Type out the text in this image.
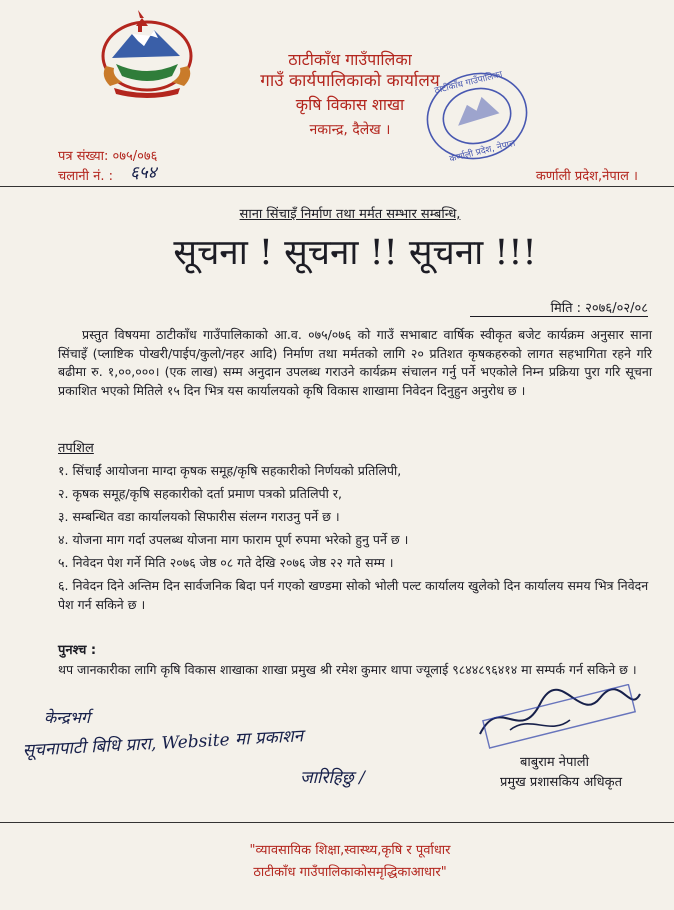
ठाटीकाँध गाउँपालिका
गाउँ कार्यपालिकाको कार्यालय
कृषि विकास शाखा
नकान्द्र, दैलेख ।
ठाटीकाँध गाउँपालिका
कर्णाली प्रदेश, नेपाल
पत्र संख्या: ०७५/०७६
चलानी नं. : ६५४	कर्णाली प्रदेश,नेपाल ।
साना सिंचाइँ निर्माण तथा मर्मत सम्भार सम्बन्धि,
सूचना ! सूचना !! सूचना !!!
मिति : २०७६/०२/०८

प्रस्तुत विषयमा ठाटीकाँध गाउँपालिकाको आ.व. ०७५/०७६ को गाउँ सभाबाट वार्षिक स्वीकृत बजेट कार्यक्रम अनुसार साना सिंचाइँ (प्लाष्टिक पोखरी/पाईप/कुलो/नहर आदि) निर्माण तथा मर्मतको लागि २० प्रतिशत कृषकहरुको लागत सहभागिता रहने गरि बढीमा रु. १,००,०००। (एक लाख) सम्म अनुदान उपलब्ध गराउने कार्यक्रम संचालन गर्नु पर्ने भएकोले निम्न प्रक्रिया पुरा गरि सूचना प्रकाशित भएको मितिले १५ दिन भित्र यस कार्यालयको कृषि विकास शाखामा निवेदन दिनुहुन अनुरोध छ ।

तपशिल
१. सिंचाईं आयोजना माग्दा कृषक समूह/कृषि सहकारीको निर्णयको प्रतिलिपी,
२. कृषक समूह/कृषि सहकारीको दर्ता प्रमाण पत्रको प्रतिलिपी र,
३. सम्बन्धित वडा कार्यालयको सिफारीस संलग्न गराउनु पर्ने छ ।
४. योजना माग गर्दा उपलब्ध योजना माग फाराम पूर्ण रुपमा भरेको हुनु पर्ने छ ।
५. निवेदन पेश गर्ने मिति २०७६ जेष्ठ ०८ गते देखि २०७६ जेष्ठ २२ गते सम्म ।
६. निवेदन दिने अन्तिम दिन सार्वजनिक बिदा पर्न गएको खण्डमा सोको भोली पल्ट कार्यालय खुलेको दिन कार्यालय समय भित्र निवेदन पेश गर्न सकिने छ ।
पुनश्च :
थप जानकारीका लागि कृषि विकास शाखाका शाखा प्रमुख श्री रमेश कुमार थापा ज्यूलाई ९८४४८९६४१४ मा सम्पर्क गर्न सकिने छ ।
केन्द्रभर्ग
सूचनापाटी बिधि प्रारा, Website मा प्रकाशन
जारिहिछु /
बाबुराम नेपाली
प्रमुख प्रशासकिय अधिकृत
"व्यावसायिक शिक्षा,स्वास्थ्य,कृषि र पूर्वाधार
ठाटीकाँध गाउँपालिकाकोसमृद्धिकाआधार"
